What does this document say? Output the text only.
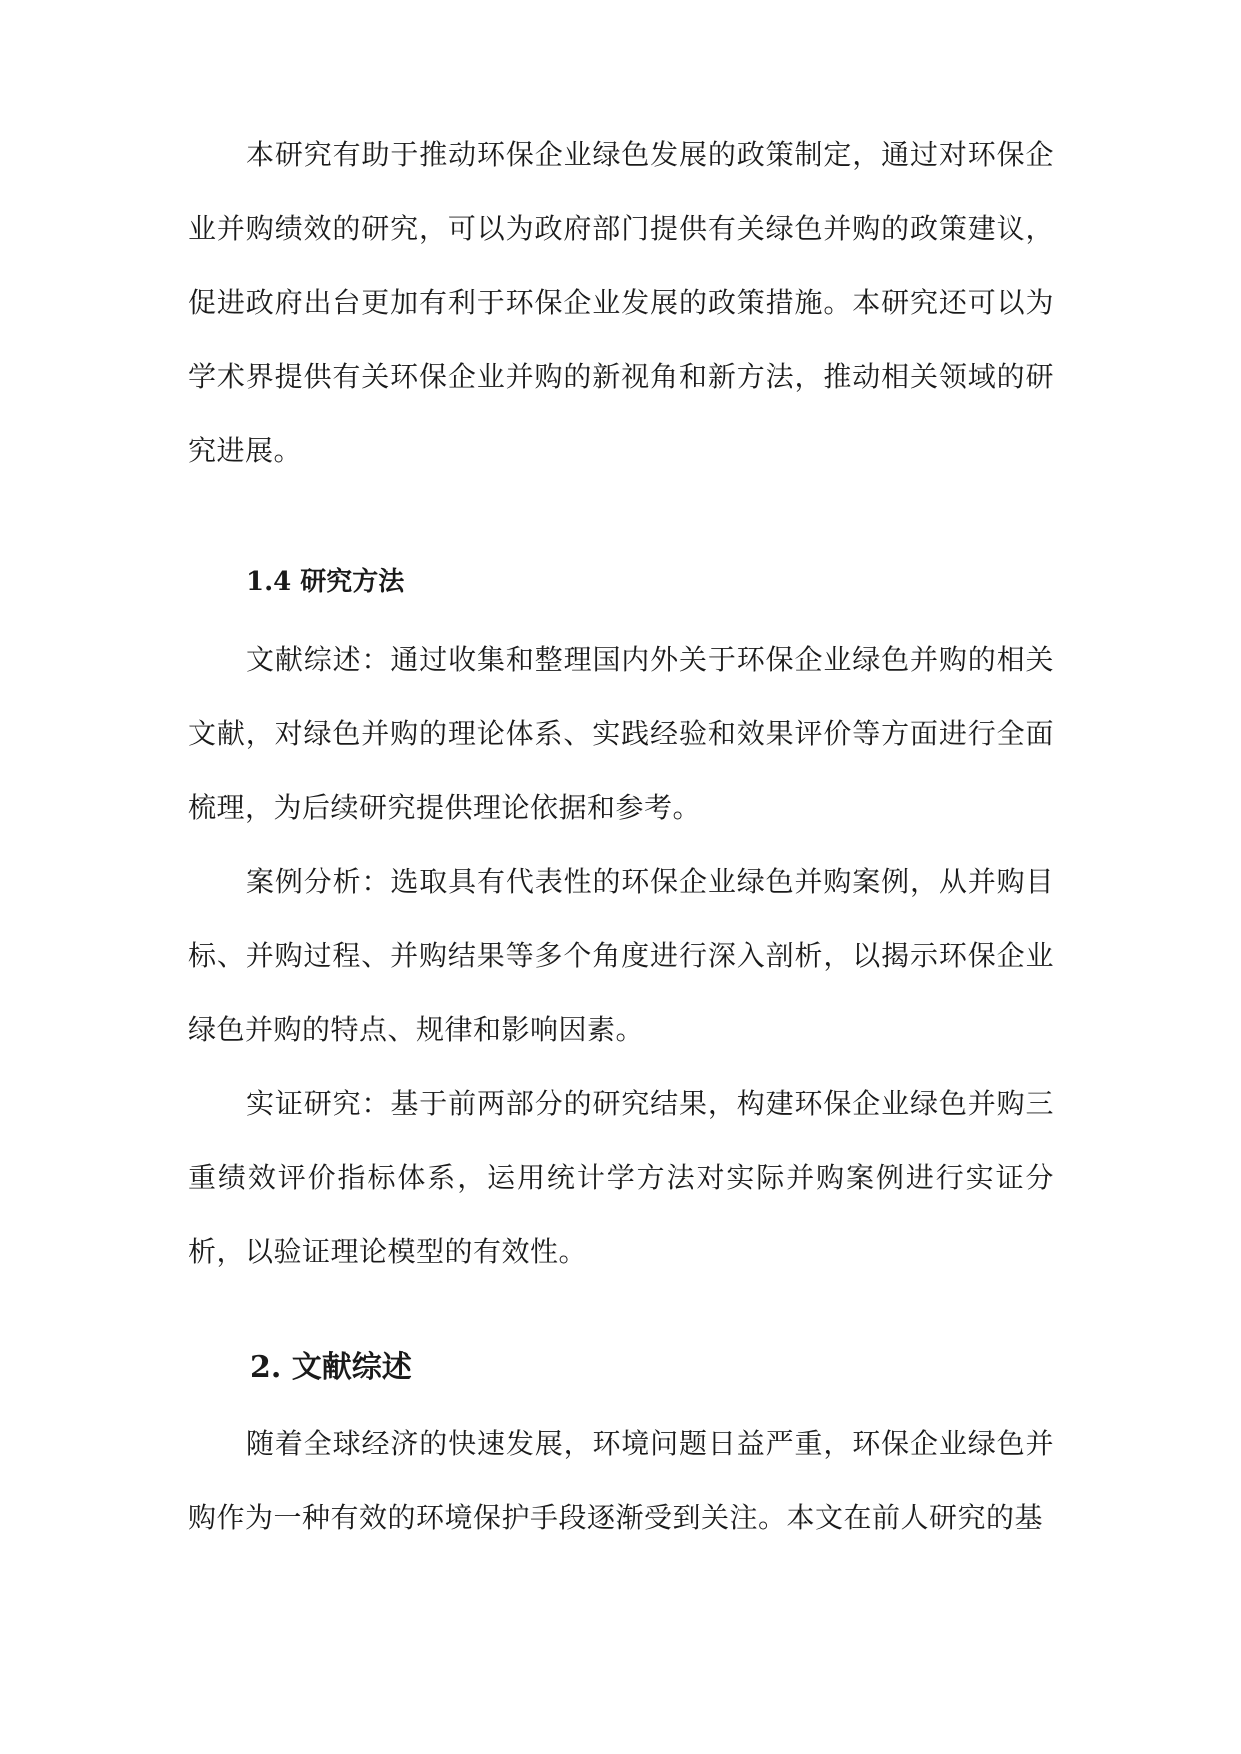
本研究有助于推动环保企业绿色发展的政策制定，通过对环保企业并购绩效的研究，可以为政府部门提供有关绿色并购的政策建议，促进政府出台更加有利于环保企业发展的政策措施。本研究还可以为学术界提供有关环保企业并购的新视角和新方法，推动相关领域的研究进展。

1.4 研究方法

文献综述：通过收集和整理国内外关于环保企业绿色并购的相关文献，对绿色并购的理论体系、实践经验和效果评价等方面进行全面梳理，为后续研究提供理论依据和参考。

案例分析：选取具有代表性的环保企业绿色并购案例，从并购目标、并购过程、并购结果等多个角度进行深入剖析，以揭示环保企业绿色并购的特点、规律和影响因素。

实证研究：基于前两部分的研究结果，构建环保企业绿色并购三重绩效评价指标体系，运用统计学方法对实际并购案例进行实证分析，以验证理论模型的有效性。

2. 文献综述

随着全球经济的快速发展，环境问题日益严重，环保企业绿色并购作为一种有效的环境保护手段逐渐受到关注。本文在前人研究的基
